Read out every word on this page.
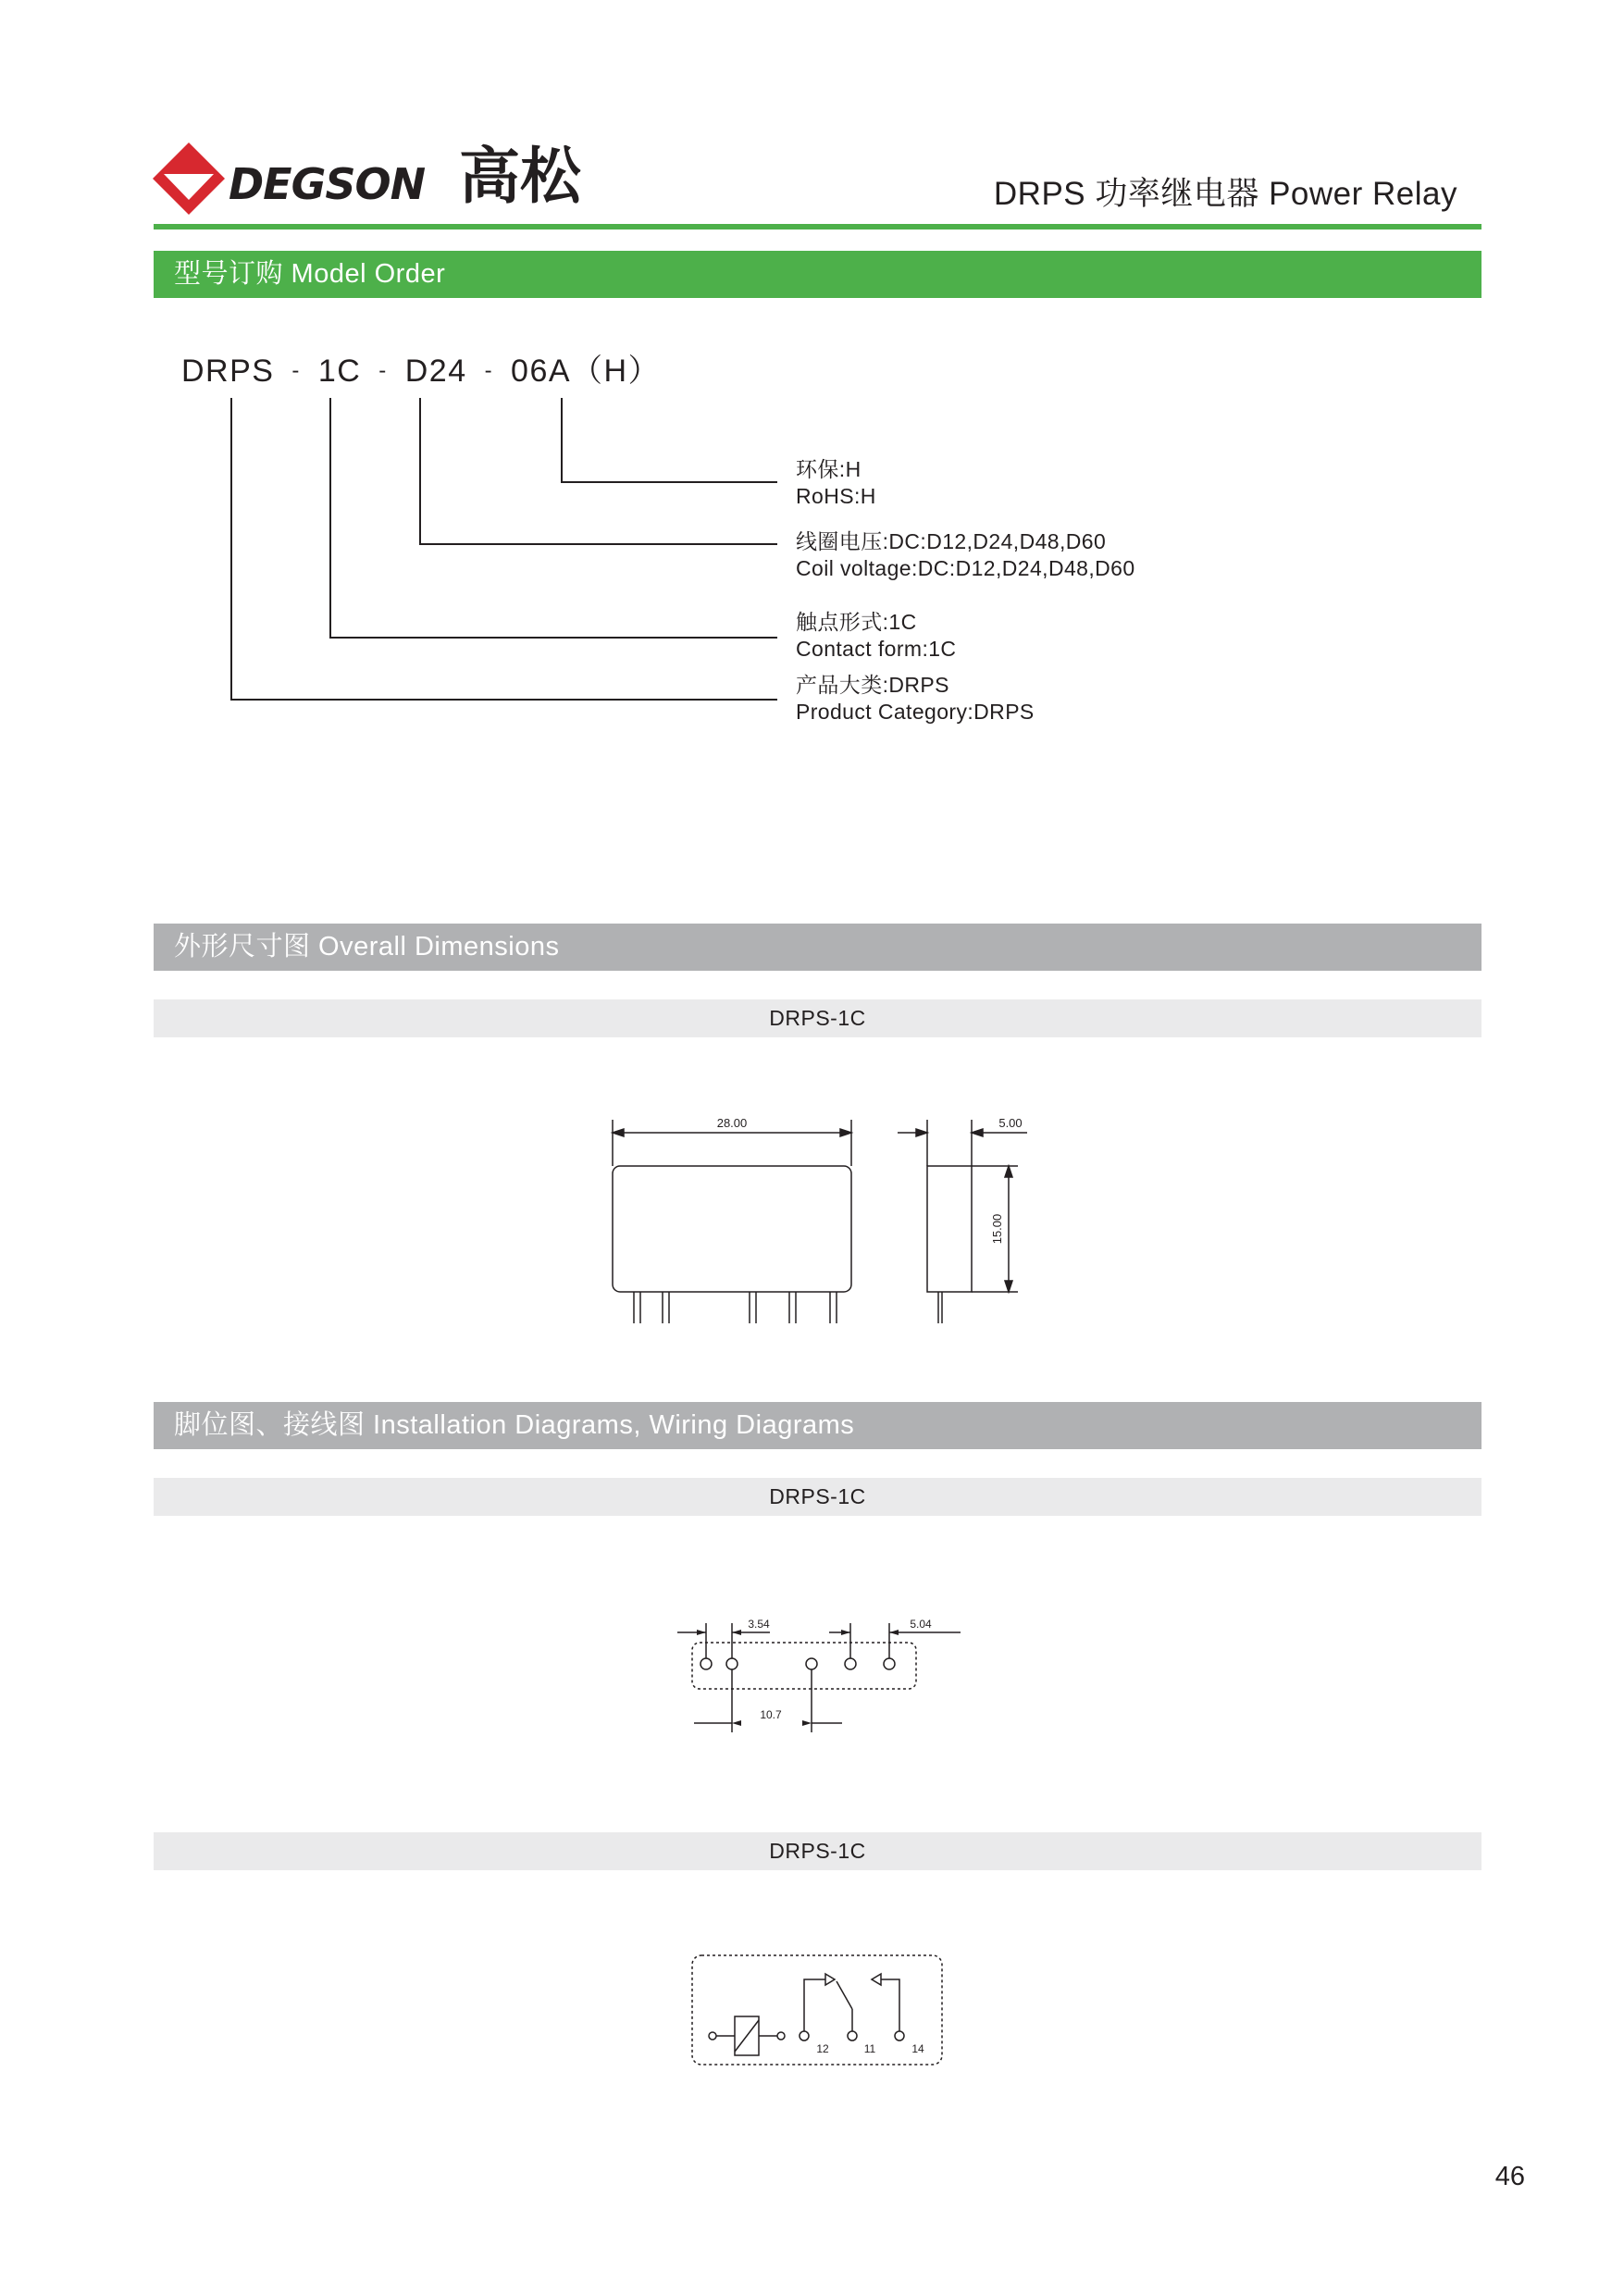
DEGSON 高松	DRPS 功率继电器 Power Relay
型号订购 Model Order
DRPS - 1C - D24 - 06A（H）
环保:H
RoHS:H
线圈电压:DC:D12,D24,D48,D60
Coil voltage:DC:D12,D24,D48,D60
触点形式:1C
Contact form:1C
产品大类:DRPS
Product Category:DRPS
外形尺寸图 Overall Dimensions
DRPS-1C
28.00	5.00
15.00
脚位图、接线图 Installation Diagrams, Wiring Diagrams
DRPS-1C
3.54	5.04
10.7
DRPS-1C
12	11	14
46
